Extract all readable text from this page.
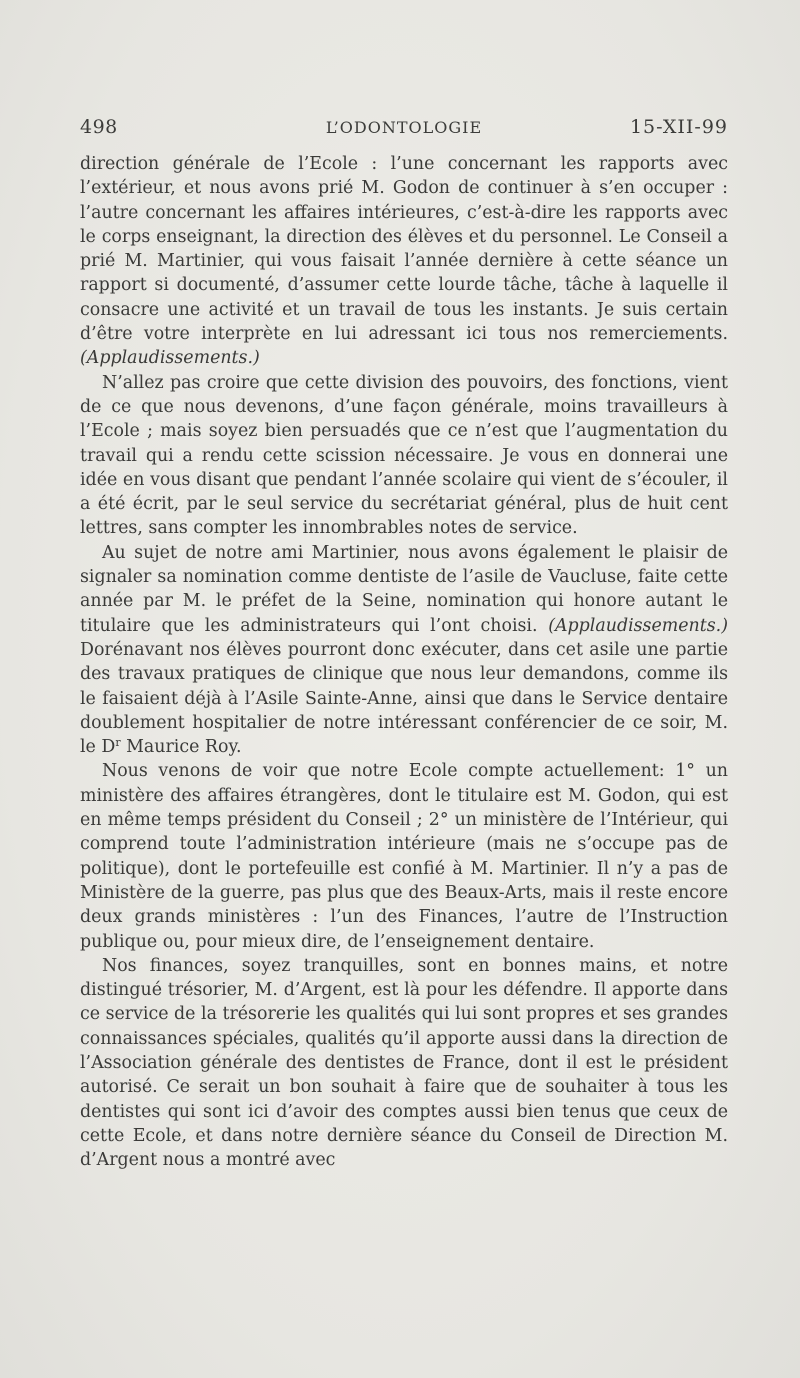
498	L’ODONTOLOGIE	15-XII-99

direction générale de l’Ecole : l’une concernant les rapports avec l’extérieur, et nous avons prié M. Godon de continuer à s’en occuper : l’autre concernant les affaires intérieures, c’est-à-dire les rapports avec le corps enseignant, la direction des élèves et du personnel. Le Conseil a prié M. Martinier, qui vous faisait l’année dernière à cette séance un rapport si documenté, d’assumer cette lourde tâche, tâche à laquelle il consacre une activité et un travail de tous les instants. Je suis certain d’être votre interprète en lui adressant ici tous nos remerciements. (Applaudissements.)

N’allez pas croire que cette division des pouvoirs, des fonctions, vient de ce que nous devenons, d’une façon générale, moins travailleurs à l’Ecole ; mais soyez bien persuadés que ce n’est que l’augmentation du travail qui a rendu cette scission nécessaire. Je vous en donnerai une idée en vous disant que pendant l’année scolaire qui vient de s’écouler, il a été écrit, par le seul service du secrétariat général, plus de huit cent lettres, sans compter les innombrables notes de service.

Au sujet de notre ami Martinier, nous avons également le plaisir de signaler sa nomination comme dentiste de l’asile de Vaucluse, faite cette année par M. le préfet de la Seine, nomination qui honore autant le titulaire que les administrateurs qui l’ont choisi. (Applaudissements.) Dorénavant nos élèves pourront donc exécuter, dans cet asile une partie des travaux pratiques de clinique que nous leur demandons, comme ils le faisaient déjà à l’Asile Sainte-Anne, ainsi que dans le Service dentaire doublement hospitalier de notre intéressant conférencier de ce soir, M. le $D^r$ Maurice Roy.

Nous venons de voir que notre Ecole compte actuellement: 1° un ministère des affaires étrangères, dont le titulaire est M. Godon, qui est en même temps président du Conseil ; 2° un ministère de l’Intérieur, qui comprend toute l’administration intérieure (mais ne s’occupe pas de politique), dont le portefeuille est confié à M. Martinier. Il n’y a pas de Ministère de la guerre, pas plus que des Beaux-Arts, mais il reste encore deux grands ministères : l’un des Finances, l’autre de l’Instruction publique ou, pour mieux dire, de l’enseignement dentaire.

Nos finances, soyez tranquilles, sont en bonnes mains, et notre distingué trésorier, M. d’Argent, est là pour les défendre. Il apporte dans ce service de la trésorerie les qualités qui lui sont propres et ses grandes connaissances spéciales, qualités qu’il apporte aussi dans la direction de l’Association générale des dentistes de France, dont il est le président autorisé. Ce serait un bon souhait à faire que de souhaiter à tous les dentistes qui sont ici d’avoir des comptes aussi bien tenus que ceux de cette Ecole, et dans notre dernière séance du Conseil de Direction M. d’Argent nous a montré avec
